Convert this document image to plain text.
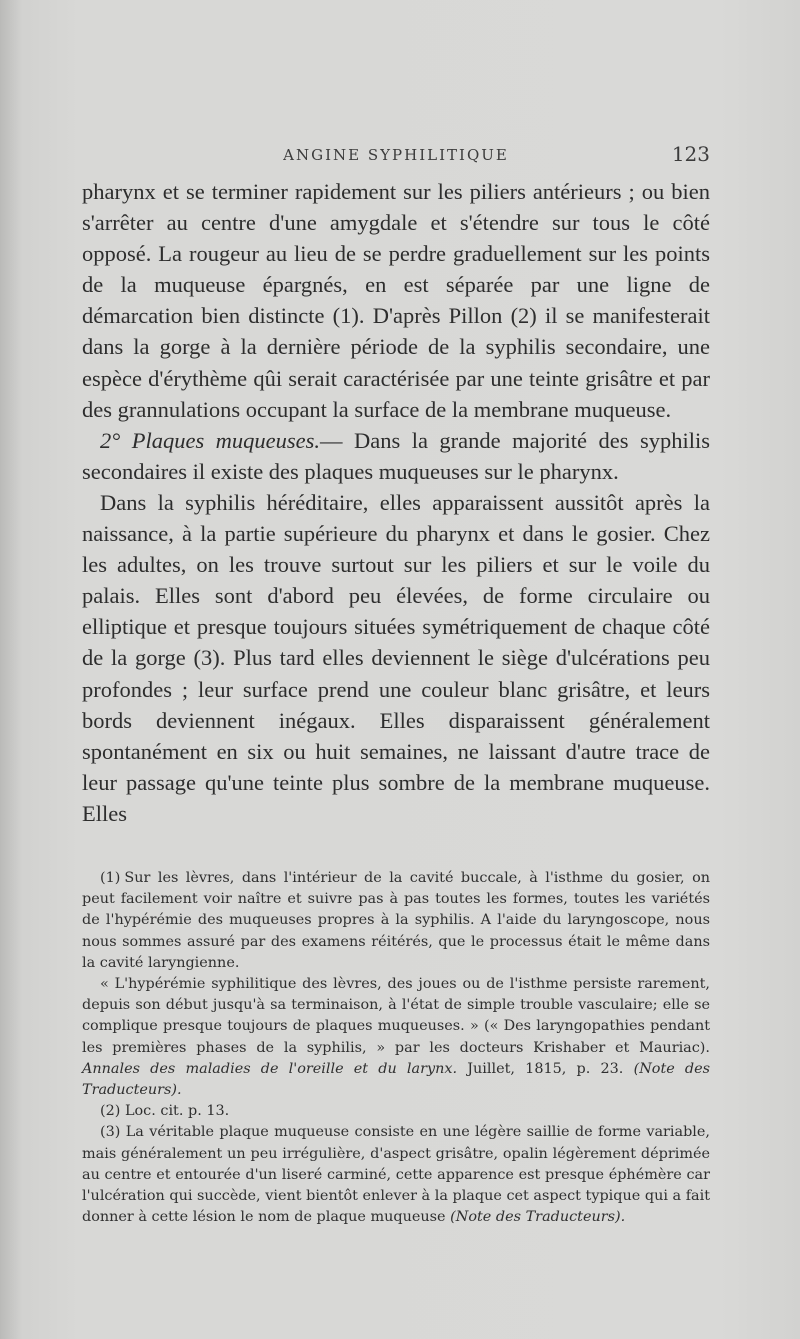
ANGINE SYPHILITIQUE	123

pharynx et se terminer rapidement sur les piliers antérieurs ; ou bien s'arrêter au centre d'une amygdale et s'étendre sur tous le côté opposé. La rougeur au lieu de se perdre graduellement sur les points de la muqueuse épargnés, en est séparée par une ligne de démarcation bien distincte (1). D'après Pillon (2) il se manifesterait dans la gorge à la dernière période de la syphilis secondaire, une espèce d'érythème qûi serait caractérisée par une teinte grisâtre et par des grannulations occupant la surface de la membrane muqueuse.

2° Plaques muqueuses.— Dans la grande majorité des syphilis secondaires il existe des plaques muqueuses sur le pharynx.

Dans la syphilis héréditaire, elles apparaissent aussitôt après la naissance, à la partie supérieure du pharynx et dans le gosier. Chez les adultes, on les trouve surtout sur les piliers et sur le voile du palais. Elles sont d'abord peu élevées, de forme circulaire ou elliptique et presque toujours situées symétriquement de chaque côté de la gorge (3). Plus tard elles deviennent le siège d'ulcérations peu profondes ; leur surface prend une couleur blanc grisâtre, et leurs bords deviennent inégaux. Elles disparaissent généralement spontanément en six ou huit semaines, ne laissant d'autre trace de leur passage qu'une teinte plus sombre de la membrane muqueuse. Elles

(1) Sur les lèvres, dans l'intérieur de la cavité buccale, à l'isthme du gosier, on peut facilement voir naître et suivre pas à pas toutes les formes, toutes les variétés de l'hypérémie des muqueuses propres à la syphilis. A l'aide du laryngoscope, nous nous sommes assuré par des examens réitérés, que le processus était le même dans la cavité laryngienne.

« L'hypérémie syphilitique des lèvres, des joues ou de l'isthme persiste rarement, depuis son début jusqu'à sa terminaison, à l'état de simple trouble vasculaire; elle se complique presque toujours de plaques muqueuses. » (« Des laryngopathies pendant les premières phases de la syphilis, » par les docteurs Krishaber et Mauriac). Annales des maladies de l'oreille et du larynx. Juillet, 1815, p. 23. (Note des Traducteurs).

(2) Loc. cit. p. 13.

(3) La véritable plaque muqueuse consiste en une légère saillie de forme variable, mais généralement un peu irrégulière, d'aspect grisâtre, opalin légèrement déprimée au centre et entourée d'un liseré carminé, cette apparence est presque éphémère car l'ulcération qui succède, vient bientôt enlever à la plaque cet aspect typique qui a fait donner à cette lésion le nom de plaque muqueuse (Note des Traducteurs).
